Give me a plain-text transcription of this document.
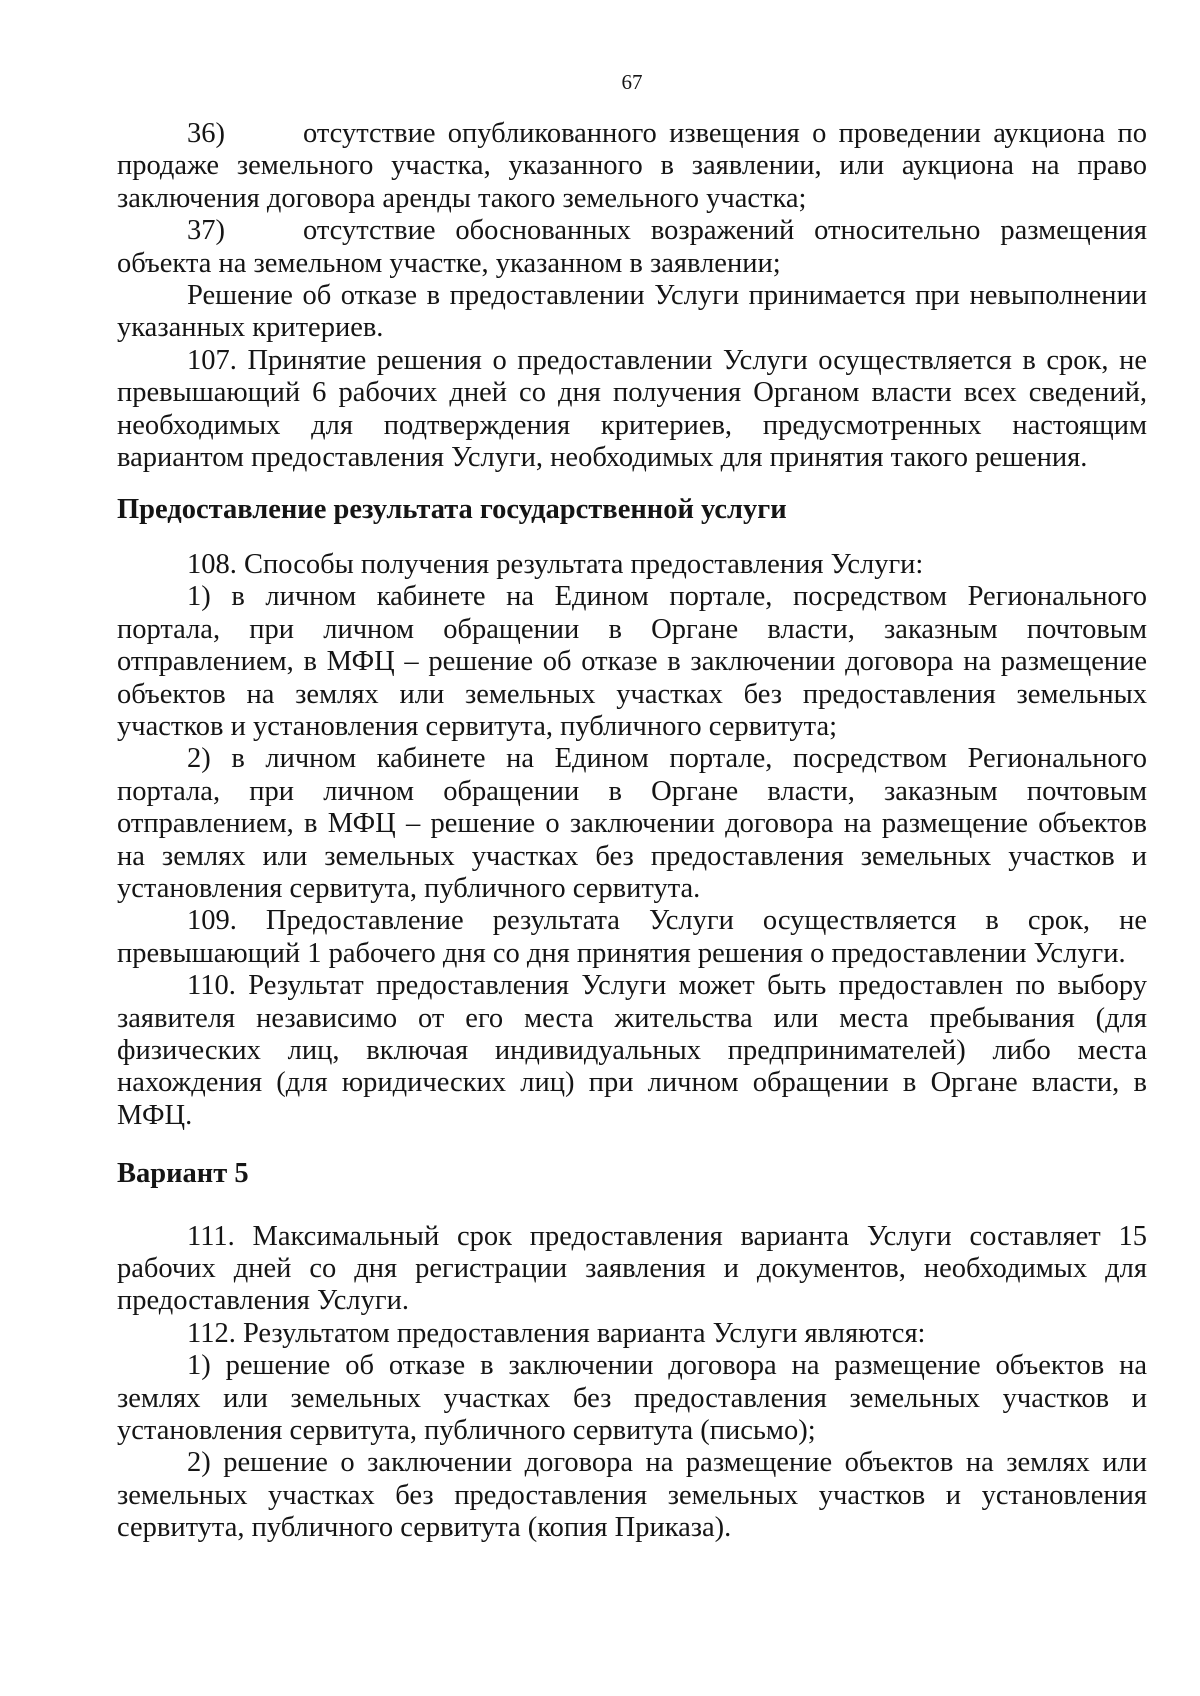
67

36)	отсутствие опубликованного извещения о проведении аукциона по продаже земельного участка, указанного в заявлении, или аукциона на право заключения договора аренды такого земельного участка;

37)	отсутствие обоснованных возражений относительно размещения объекта на земельном участке, указанном в заявлении;

Решение об отказе в предоставлении Услуги принимается при невыполнении указанных критериев.

107. Принятие решения о предоставлении Услуги осуществляется в срок, не превышающий 6 рабочих дней со дня получения Органом власти всех сведений, необходимых для подтверждения критериев, предусмотренных настоящим вариантом предоставления Услуги, необходимых для принятия такого решения.

Предоставление результата государственной услуги

108. Способы получения результата предоставления Услуги:

1) в личном кабинете на Едином портале, посредством Регионального портала, при личном обращении в Органе власти, заказным почтовым отправлением, в МФЦ – решение об отказе в заключении договора на размещение объектов на землях или земельных участках без предоставления земельных участков и установления сервитута, публичного сервитута;

2) в личном кабинете на Едином портале, посредством Регионального портала, при личном обращении в Органе власти, заказным почтовым отправлением, в МФЦ – решение о заключении договора на размещение объектов на землях или земельных участках без предоставления земельных участков и установления сервитута, публичного сервитута.

109. Предоставление результата Услуги осуществляется в срок, не превышающий 1 рабочего дня со дня принятия решения о предоставлении Услуги.

110. Результат предоставления Услуги может быть предоставлен по выбору заявителя независимо от его места жительства или места пребывания (для физических лиц, включая индивидуальных предпринимателей) либо места нахождения (для юридических лиц) при личном обращении в Органе власти, в МФЦ.

Вариант 5

111. Максимальный срок предоставления варианта Услуги составляет 15 рабочих дней со дня регистрации заявления и документов, необходимых для предоставления Услуги.

112. Результатом предоставления варианта Услуги являются:

1) решение об отказе в заключении договора на размещение объектов на землях или земельных участках без предоставления земельных участков и установления сервитута, публичного сервитута (письмо);

2) решение о заключении договора на размещение объектов на землях или земельных участках без предоставления земельных участков и установления сервитута, публичного сервитута (копия Приказа).
